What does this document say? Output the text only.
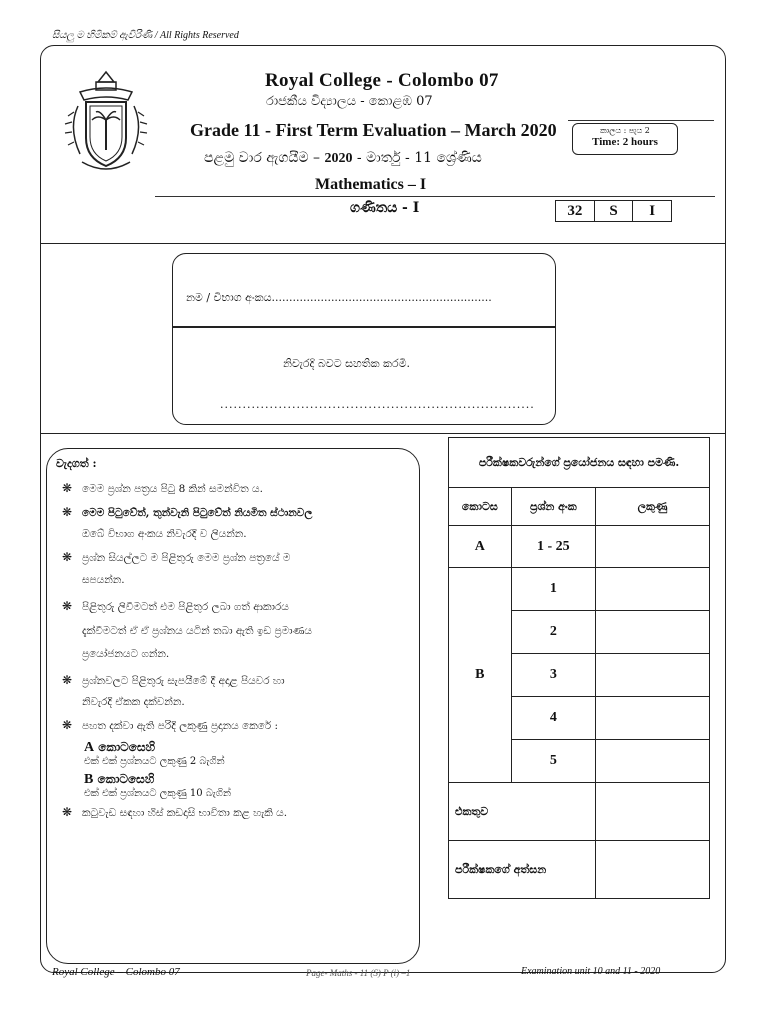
සියලු ම හිමිකම් ඇවිරිණි / All Rights Reserved
Royal College - Colombo 07
රාජකීය විද්‍යාලය - කොළඹ 07
Grade 11 - First Term Evaluation – March 2020
පළමු වාර ඇගයීම – 2020 - මාර්තු - 11 ශ්‍රේණිය
Mathematics – I
ගණිතය - I
කාලය : පැය 2
Time: 2 hours
32	S	I
නම / විභාග අංකය...............................................................
නිවැරදි බවට සහතික කරමි.
......................................................................
වැදගත් :
❋ මෙම ප්‍රශ්න පත්‍රය පිටු 8 කින් සමන්විත ය.
❋ මෙම පිටුවේත්, තුන්වැනි පිටුවේත් නියමිත ස්ථානවල
ඔබේ විභාග අංකය නිවැරදි ව ලියන්න.
❋ ප්‍රශ්න සියල්ලට ම පිළිතුරු මෙම ප්‍රශ්න පත්‍රයේ ම
සපයන්න.
❋ පිළිතුරු ලිවීමටත් එම පිළිතුර ලබා ගත් ආකාරය
දැක්වීමටත් ඒ ඒ ප්‍රශ්නය යටින් තබා ඇති ඉඩ ප්‍රමාණය
ප්‍රයෝජනයට ගන්න.
❋ ප්‍රශ්නවලට පිළිතුරු සැපයීමේ දී අදාළ පියවර හා
නිවැරදි ඒකක දක්වන්න.
❋ පහත දක්වා ඇති පරිදි ලකුණු ප්‍රදානය කෙරේ :
A කොටසෙහි
එක් එක් ප්‍රශ්නයට ලකුණු 2 බැගින්
B කොටසෙහි
එක් එක් ප්‍රශ්නයට ලකුණු 10 බැගින්
❋ කටුවැඩ සඳහා හිස් කඩදාසි භාවිතා කළ හැකි ය.
පරීක්ෂකවරුන්ගේ ප්‍රයෝජනය සඳහා පමණි.		
කොටස	ප්‍රශ්න අංක	ලකුණු
A	1 - 25	
B	1	
	2	
	3	
	4	
	5	
එකතුව		
පරීක්ෂකගේ අත්සන		
Royal College – Colombo 07	Page- Maths - 11 (S) P (i) –1	Examination unit 10 and 11 - 2020
